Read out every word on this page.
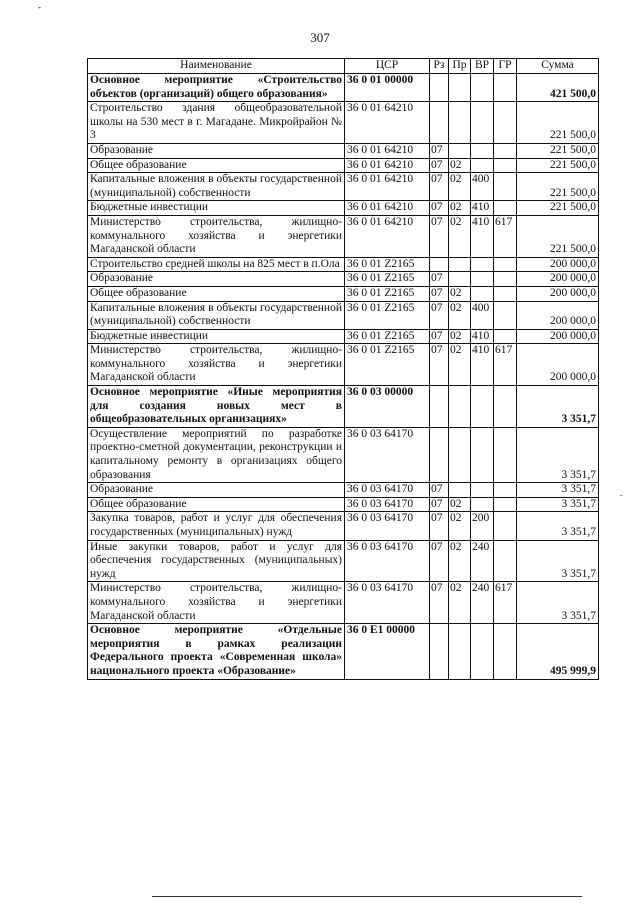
-
307
.
Наименование	ЦСР	Рз	Пр	ВР	ГР	Сумма
Основное мероприятие «Строительство объектов (организаций) общего образования»	36 0 01 00000					421 500,0
Строительство здания общеобразовательной школы на 530 мест в г. Магадане. Микройрайон № 3	36 0 01 64210					221 500,0
Образование	36 0 01 64210	07				221 500,0
Общее образование	36 0 01 64210	07	02			221 500,0
Капитальные вложения в объекты государственной (муниципальной) собственности	36 0 01 64210	07	02	400		221 500,0
Бюджетные инвестиции	36 0 01 64210	07	02	410		221 500,0
Министерство строительства, жилищно-коммунального хозяйства и энергетики Магаданской области	36 0 01 64210	07	02	410	617	221 500,0
Строительство средней школы на 825 мест в п.Ола	36 0 01 Z2165					200 000,0
Образование	36 0 01 Z2165	07				200 000,0
Общее образование	36 0 01 Z2165	07	02			200 000,0
Капитальные вложения в объекты государственной (муниципальной) собственности	36 0 01 Z2165	07	02	400		200 000,0
Бюджетные инвестиции	36 0 01 Z2165	07	02	410		200 000,0
Министерство строительства, жилищно-коммунального хозяйства и энергетики Магаданской области	36 0 01 Z2165	07	02	410	617	200 000,0
Основное мероприятие «Иные мероприятия для создания новых мест в общеобразовательных организациях»	36 0 03 00000					3 351,7
Осуществление мероприятий по разработке проектно-сметной документации, реконструкции и капитальному ремонту в организациях общего образования	36 0 03 64170					3 351,7
Образование	36 0 03 64170	07				3 351,7
Общее образование	36 0 03 64170	07	02			3 351,7
Закупка товаров, работ и услуг для обеспечения государственных (муниципальных) нужд	36 0 03 64170	07	02	200		3 351,7
Иные закупки товаров, работ и услуг для обеспечения государственных (муниципальных) нужд	36 0 03 64170	07	02	240		3 351,7
Министерство строительства, жилищно-коммунального хозяйства и энергетики Магаданской области	36 0 03 64170	07	02	240	617	3 351,7
Основное мероприятие «Отдельные мероприятия в рамках реализации Федерального проекта «Современная школа» национального проекта «Образование»	36 0 E1 00000					495 999,9
